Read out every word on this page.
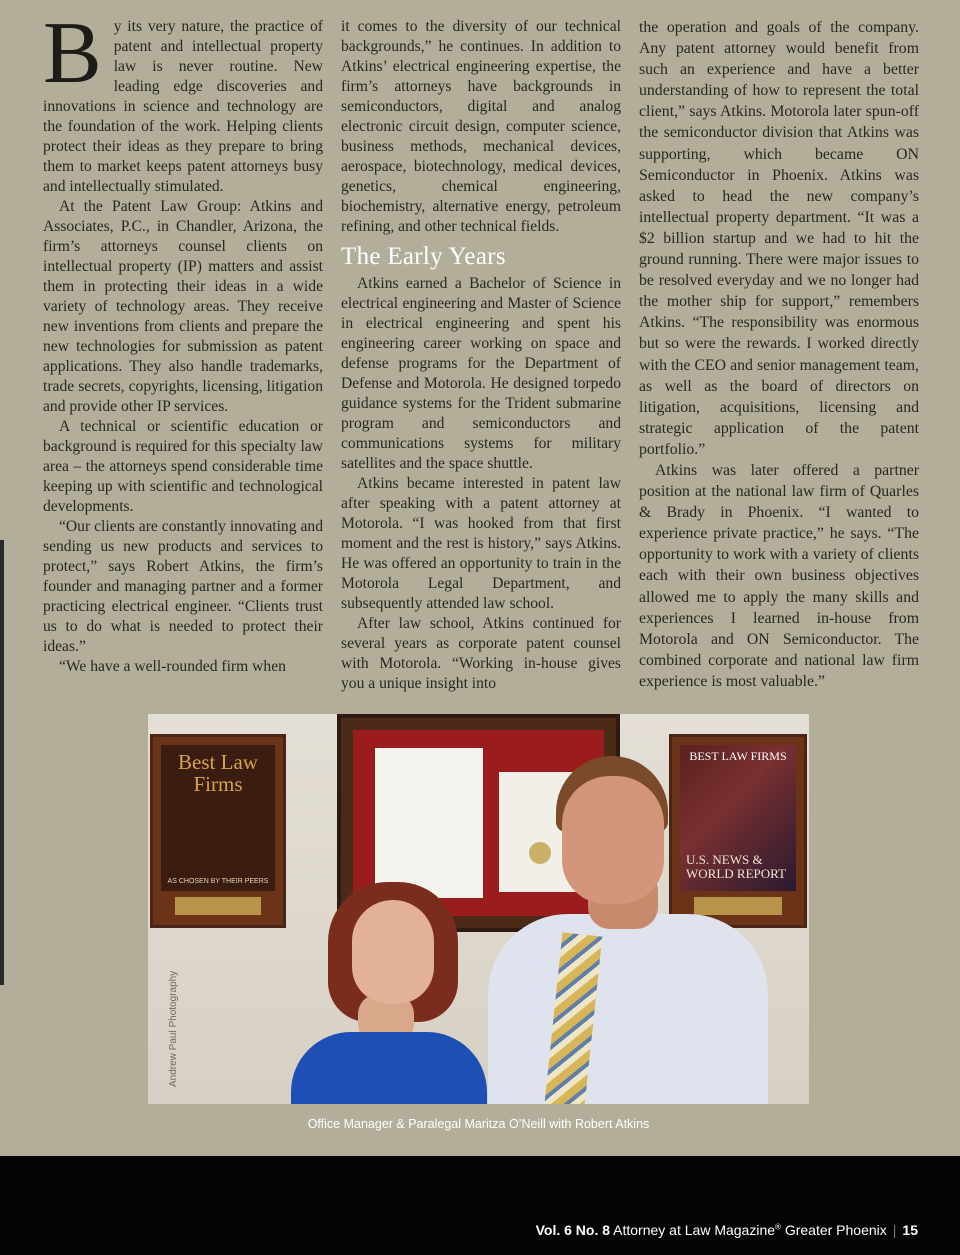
By its very nature, the practice of patent and intellectual property law is never routine. New leading edge discoveries and innovations in science and technology are the foundation of the work. Helping clients protect their ideas as they prepare to bring them to market keeps patent attorneys busy and intellectually stimulated.

At the Patent Law Group: Atkins and Associates, P.C., in Chandler, Arizona, the firm’s attorneys counsel clients on intellectual property (IP) matters and assist them in protecting their ideas in a wide variety of technology areas. They receive new inventions from clients and prepare the new technologies for submission as patent applications. They also handle trademarks, trade secrets, copyrights, licensing, litigation and provide other IP services.

A technical or scientific education or background is required for this specialty law area – the attorneys spend considerable time keeping up with scientific and technological developments.

“Our clients are constantly innovating and sending us new products and services to protect,” says Robert Atkins, the firm’s founder and managing partner and a former practicing electrical engineer. “Clients trust us to do what is needed to protect their ideas.”

“We have a well-rounded firm when

it comes to the diversity of our technical backgrounds,” he continues. In addition to Atkins’ electrical engineering expertise, the firm’s attorneys have backgrounds in semiconductors, digital and analog electronic circuit design, computer science, business methods, mechanical devices, aerospace, biotechnology, medical devices, genetics, chemical engineering, biochemistry, alternative energy, petroleum refining, and other technical fields.

The Early Years

Atkins earned a Bachelor of Science in electrical engineering and Master of Science in electrical engineering and spent his engineering career working on space and defense programs for the Department of Defense and Motorola. He designed torpedo guidance systems for the Trident submarine program and semiconductors and communications systems for military satellites and the space shuttle.

Atkins became interested in patent law after speaking with a patent attorney at Motorola. “I was hooked from that first moment and the rest is history,” says Atkins. He was offered an opportunity to train in the Motorola Legal Department, and subsequently attended law school.

After law school, Atkins continued for several years as corporate patent counsel with Motorola. “Working in-house gives you a unique insight into

the operation and goals of the company. Any patent attorney would benefit from such an experience and have a better understanding of how to represent the total client,” says Atkins. Motorola later spun-off the semiconductor division that Atkins was supporting, which became ON Semiconductor in Phoenix. Atkins was asked to head the new company’s intellectual property department. “It was a $2 billion startup and we had to hit the ground running. There were major issues to be resolved everyday and we no longer had the mother ship for support,” remembers Atkins. “The responsibility was enormous but so were the rewards. I worked directly with the CEO and senior management team, as well as the board of directors on litigation, acquisitions, licensing and strategic application of the patent portfolio.”

Atkins was later offered a partner position at the national law firm of Quarles & Brady in Phoenix. “I wanted to experience private practice,” he says. “The opportunity to work with a variety of clients each with their own business objectives allowed me to apply the many skills and experiences I learned in-house from Motorola and ON Semiconductor. The combined corporate and national law firm experience is most valuable.”

Best Law Firms
AS CHOSEN BY THEIR PEERS
BEST LAW FIRMS
U.S. NEWS & WORLD REPORT
Andrew Paul Photography
Office Manager & Paralegal Maritza O’Neill with Robert Atkins
Vol. 6 No. 8 Attorney at Law Magazine® Greater Phoenix | 15
